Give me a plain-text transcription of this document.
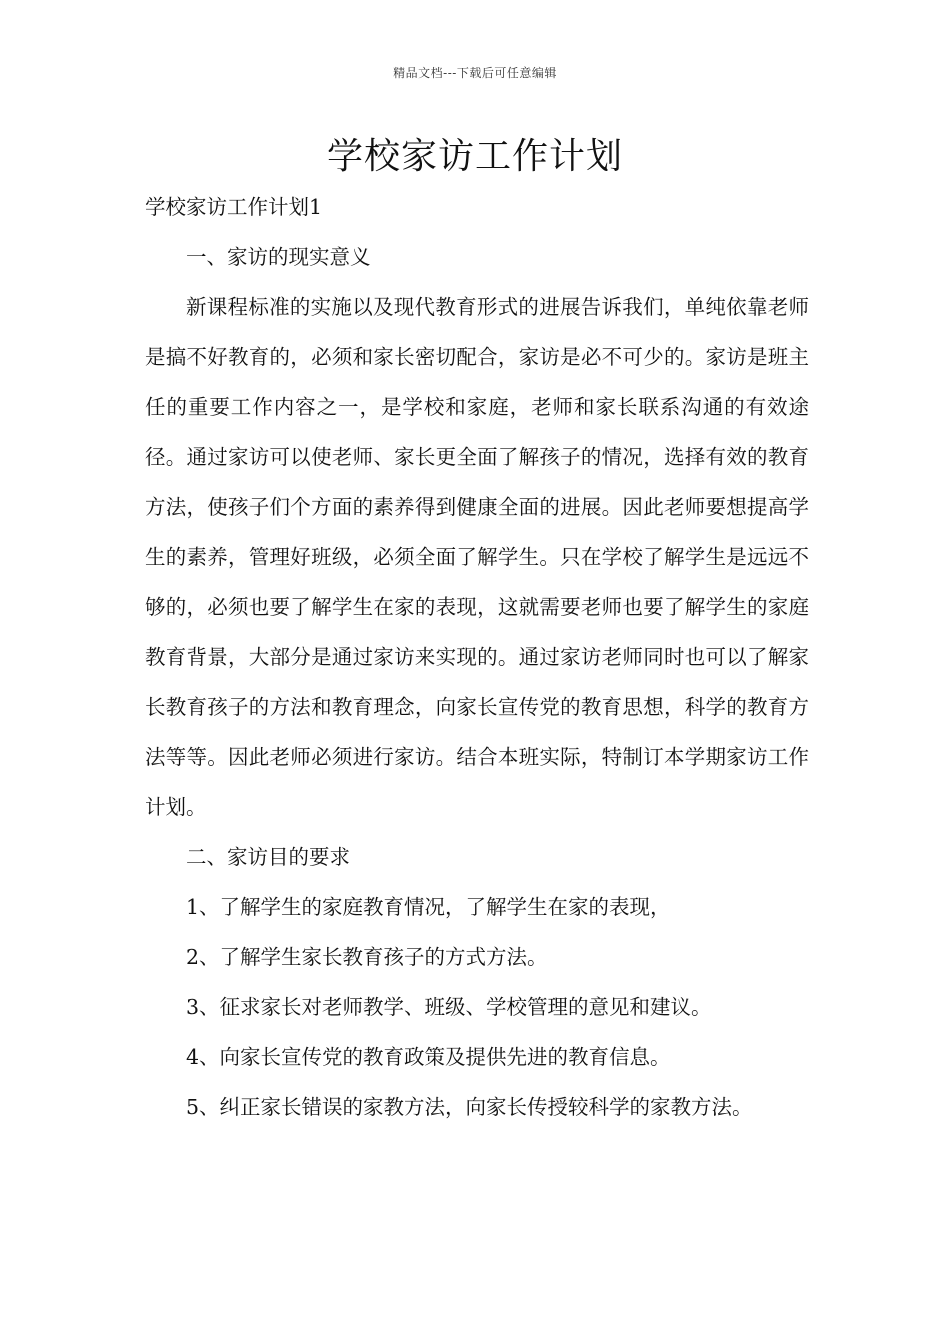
精品文档---下载后可任意编辑
学校家访工作计划

学校家访工作计划1

一、家访的现实意义

新课程标准的实施以及现代教育形式的进展告诉我们，单纯依靠老师是搞不好教育的，必须和家长密切配合，家访是必不可少的。家访是班主任的重要工作内容之一，是学校和家庭，老师和家长联系沟通的有效途径。通过家访可以使老师、家长更全面了解孩子的情况，选择有效的教育方法，使孩子们个方面的素养得到健康全面的进展。因此老师要想提高学生的素养，管理好班级，必须全面了解学生。只在学校了解学生是远远不够的，必须也要了解学生在家的表现，这就需要老师也要了解学生的家庭教育背景，大部分是通过家访来实现的。通过家访老师同时也可以了解家长教育孩子的方法和教育理念，向家长宣传党的教育思想，科学的教育方法等等。因此老师必须进行家访。结合本班实际，特制订本学期家访工作计划。

二、家访目的要求

1、了解学生的家庭教育情况，了解学生在家的表现，

2、了解学生家长教育孩子的方式方法。

3、征求家长对老师教学、班级、学校管理的意见和建议。

4、向家长宣传党的教育政策及提供先进的教育信息。

5、纠正家长错误的家教方法，向家长传授较科学的家教方法。
